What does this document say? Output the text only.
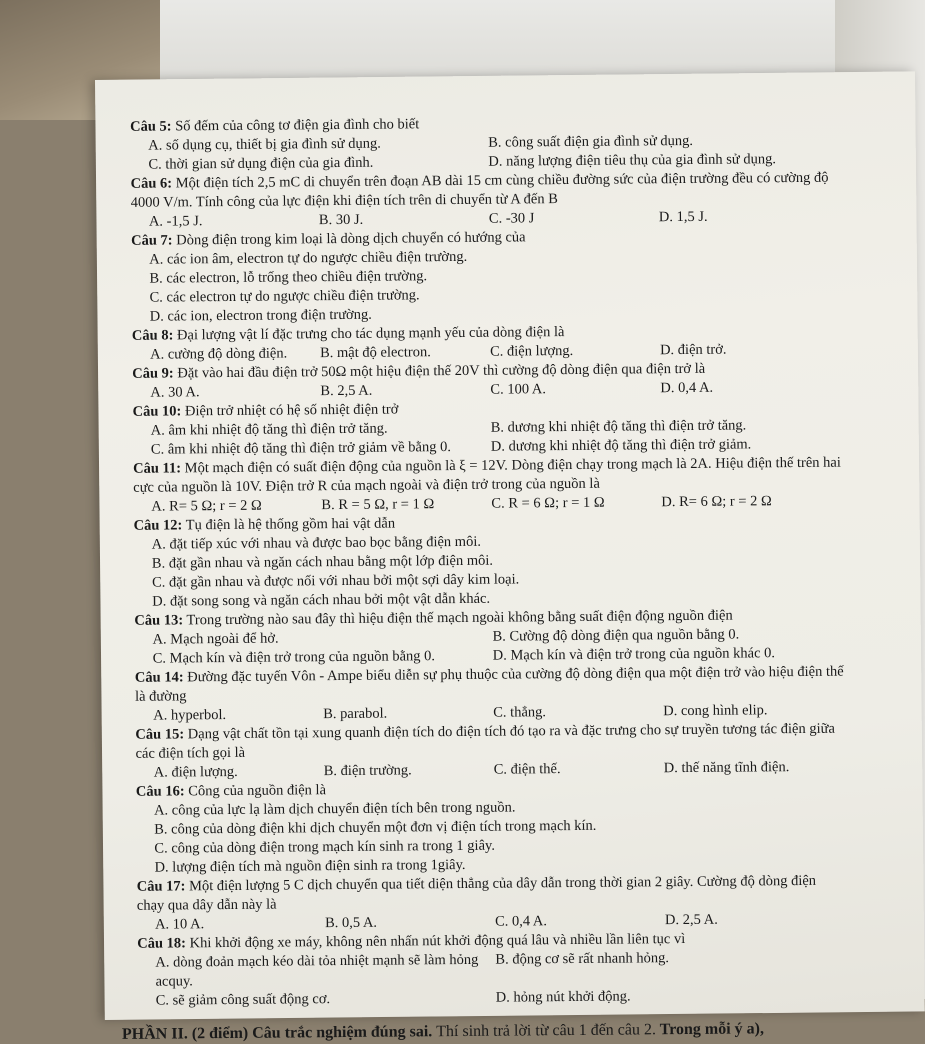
Câu 5: Số đếm của công tơ điện gia đình cho biết
A. số dụng cụ, thiết bị gia đình sử dụng.	B. công suất điện gia đình sử dụng.
C. thời gian sử dụng điện của gia đình.	D. năng lượng điện tiêu thụ của gia đình sử dụng.
Câu 6: Một điện tích 2,5 mC di chuyển trên đoạn AB dài 15 cm cùng chiều đường sức của điện trường đều có cường độ 4000 V/m. Tính công của lực điện khi điện tích trên di chuyển từ A đến B
A. -1,5 J.	B. 30 J.	C. -30 J	D. 1,5 J.
Câu 7: Dòng điện trong kim loại là dòng dịch chuyển có hướng của
A. các ion âm, electron tự do ngược chiều điện trường.
B. các electron, lỗ trống theo chiều điện trường.
C. các electron tự do ngược chiều điện trường.
D. các ion, electron trong điện trường.
Câu 8: Đại lượng vật lí đặc trưng cho tác dụng mạnh yếu của dòng điện là
A. cường độ dòng điện.	B. mật độ electron.	C. điện lượng.	D. điện trở.
Câu 9: Đặt vào hai đầu điện trở 50Ω một hiệu điện thế 20V thì cường độ dòng điện qua điện trở là
A. 30 A.	B. 2,5 A.	C. 100 A.	D. 0,4 A.
Câu 10: Điện trở nhiệt có hệ số nhiệt điện trở
A. âm khi nhiệt độ tăng thì điện trở tăng.	B. dương khi nhiệt độ tăng thì điện trở tăng.
C. âm khi nhiệt độ tăng thì điện trở giảm về bằng 0.	D. dương khi nhiệt độ tăng thì điện trở giảm.
Câu 11: Một mạch điện có suất điện động của nguồn là ξ = 12V. Dòng điện chạy trong mạch là 2A. Hiệu điện thế trên hai cực của nguồn là 10V. Điện trở R của mạch ngoài và điện trở trong của nguồn là
A. R= 5 Ω; r = 2 Ω	B. R = 5 Ω, r = 1 Ω	C. R = 6 Ω; r = 1 Ω	D. R= 6 Ω; r = 2 Ω
Câu 12: Tụ điện là hệ thống gồm hai vật dẫn
A. đặt tiếp xúc với nhau và được bao bọc bằng điện môi.
B. đặt gần nhau và ngăn cách nhau bằng một lớp điện môi.
C. đặt gần nhau và được nối với nhau bởi một sợi dây kim loại.
D. đặt song song và ngăn cách nhau bởi một vật dẫn khác.
Câu 13: Trong trường nào sau đây thì hiệu điện thế mạch ngoài không bằng suất điện động nguồn điện
A. Mạch ngoài để hở.	B. Cường độ dòng điện qua nguồn bằng 0.
C. Mạch kín và điện trở trong của nguồn bằng 0.	D. Mạch kín và điện trở trong của nguồn khác 0.
Câu 14: Đường đặc tuyến Vôn - Ampe biểu diễn sự phụ thuộc của cường độ dòng điện qua một điện trở vào hiệu điện thế là đường
A. hyperbol.	B. parabol.	C. thẳng.	D. cong hình elip.
Câu 15: Dạng vật chất tồn tại xung quanh điện tích do điện tích đó tạo ra và đặc trưng cho sự truyền tương tác điện giữa các điện tích gọi là
A. điện lượng.	B. điện trường.	C. điện thế.	D. thế năng tĩnh điện.
Câu 16: Công của nguồn điện là
A. công của lực lạ làm dịch chuyển điện tích bên trong nguồn.
B. công của dòng điện khi dịch chuyển một đơn vị điện tích trong mạch kín.
C. công của dòng điện trong mạch kín sinh ra trong 1 giây.
D. lượng điện tích mà nguồn điện sinh ra trong 1giây.
Câu 17: Một điện lượng 5 C dịch chuyển qua tiết diện thẳng của dây dẫn trong thời gian 2 giây. Cường độ dòng điện chạy qua dây dẫn này là
A. 10 A.	B. 0,5 A.	C. 0,4 A.	D. 2,5 A.
Câu 18: Khi khởi động xe máy, không nên nhấn nút khởi động quá lâu và nhiều lần liên tục vì
A. dòng đoản mạch kéo dài tỏa nhiệt mạnh sẽ làm hỏng acquy.
B. động cơ sẽ rất nhanh hỏng.
C. sẽ giảm công suất động cơ.	D. hỏng nút khởi động.
PHẦN II. (2 điểm) Câu trắc nghiệm đúng sai. Thí sinh trả lời từ câu 1 đến câu 2. Trong mỗi ý a),
